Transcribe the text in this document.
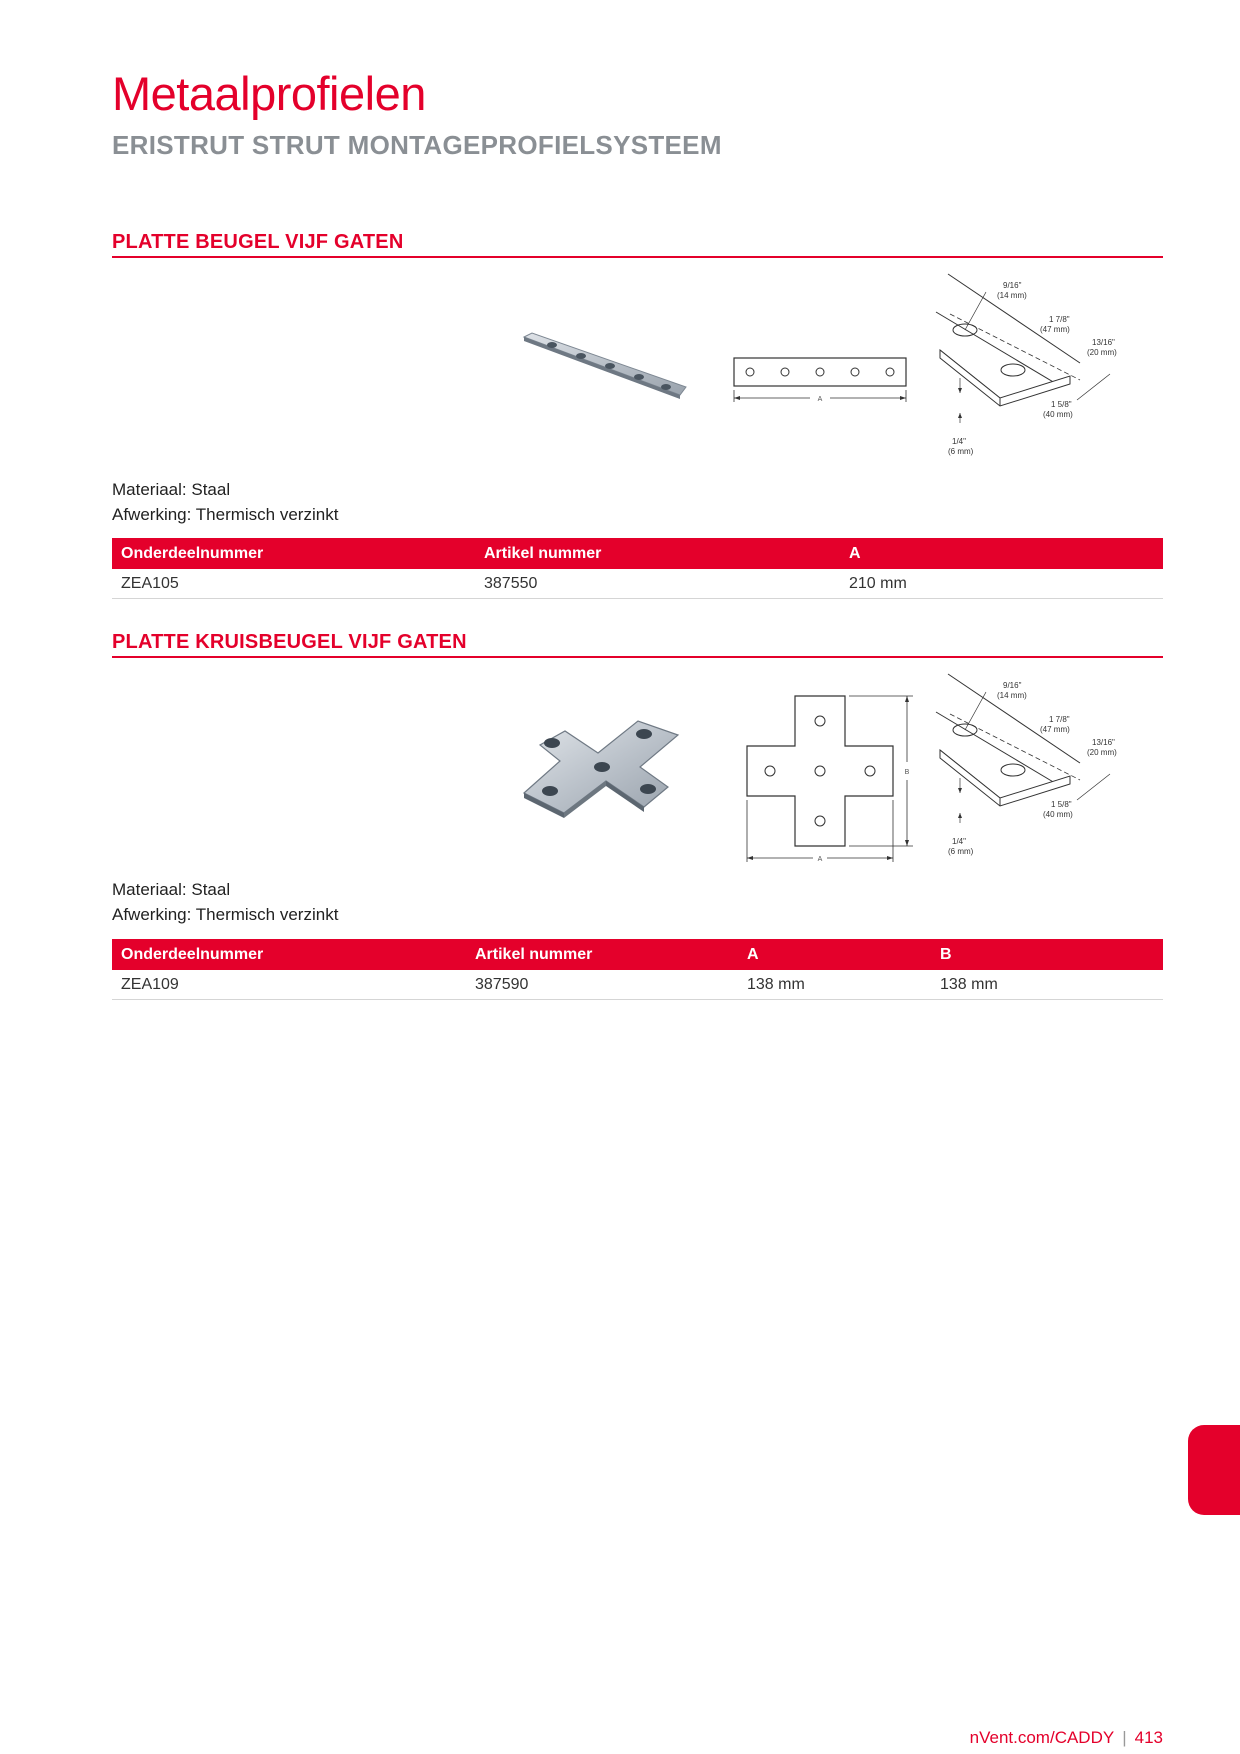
Metaalprofielen
ERISTRUT STRUT MONTAGEPROFIELSYSTEEM
PLATTE BEUGEL VIJF GATEN
A
9/16"
(14 mm)
1 7/8"
(47 mm)
13/16"
(20 mm)
1 5/8"
(40 mm)
1/4"
(6 mm)
Materiaal: Staal
Afwerking: Thermisch verzinkt
Onderdeelnummer	Artikel nummer	A
ZEA105	387550	210 mm
PLATTE KRUISBEUGEL VIJF GATEN
B
A
9/16"
(14 mm)
1 7/8"
(47 mm)
13/16"
(20 mm)
1 5/8"
(40 mm)
1/4"
(6 mm)
Materiaal: Staal
Afwerking: Thermisch verzinkt
Onderdeelnummer	Artikel nummer	A	B
ZEA109	387590	138 mm	138 mm
nVent.com/CADDY | 413
